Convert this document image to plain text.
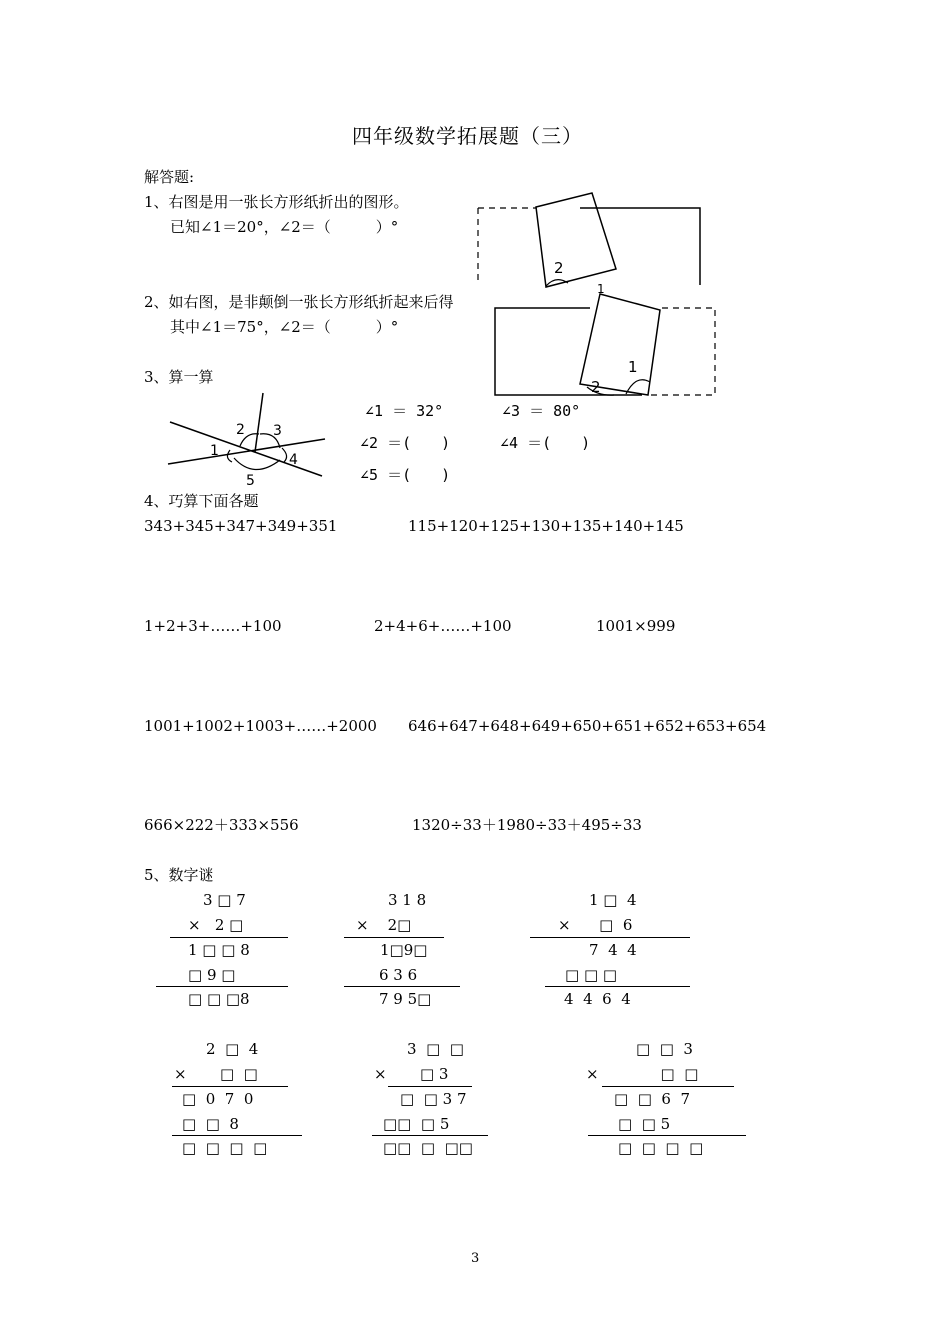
四年级数学拓展题（三）
解答题:
1、右图是用一张长方形纸折出的图形。
已知∠1＝20°，∠2＝（　　　）°
2
1
2、如右图，是非颠倒一张长方形纸折起来后得
其中∠1＝75°，∠2＝（　　　）°
1
2
3、算一算
1
2 3
4
5
∠1 ＝ 32°	∠3 ＝ 80°
∠2 ＝(　　)	∠4 ＝(　　)
∠5 ＝(　　)
4、巧算下面各题
343+345+347+349+351	115+120+125+130+135+140+145
1+2+3+……+100	2+4+6+……+100	1001×999
1001+1002+1003+……+2000 646+647+648+649+650+651+652+653+654
666×222＋333×556	1320÷33＋1980÷33＋495÷33
5、数字谜
3 □ 7
×   2 □
1 □ □ 8
□ 9 □
□ □ □8
3 1 8
×    2□
1□9□
6 3 6
7 9 5□
1 □  4
×      □  6
7  4  4
□ □ □
4  4  6  4
2  □  4
×       □  □
□  0  7  0
□  □  8
□  □  □  □
3  □  □
×       □ 3
□  □ 3 7
□□  □ 5
□□  □  □□
□  □  3
×             □  □
□  □  6  7
□  □ 5
□  □  □  □
3
